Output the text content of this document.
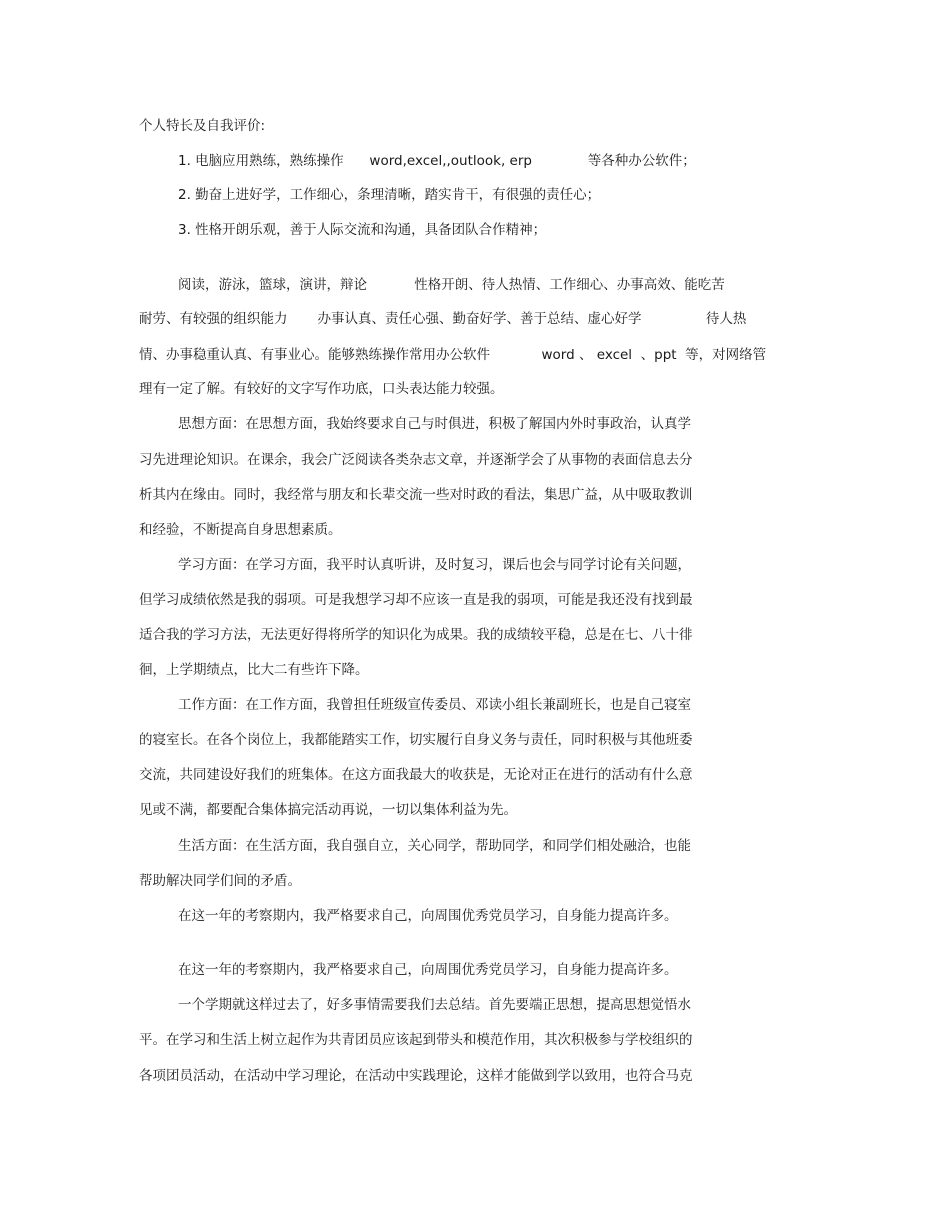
个人特长及自我评价:
1. 电脑应用熟练，熟练操作      word,excel,,outlook, erp             等各种办公软件；
2. 勤奋上进好学，工作细心，条理清晰，踏实肯干，有很强的责任心；
3. 性格开朗乐观，善于人际交流和沟通，具备团队合作精神；
阅读，游泳，篮球，演讲，辩论           性格开朗、待人热情、工作细心、办事高效、能吃苦
耐劳、有较强的组织能力       办事认真、责任心强、勤奋好学、善于总结、虚心好学               待人热
情、办事稳重认真、有事业心。能够熟练操作常用办公软件            word 、 excel  、ppt  等，对网络管
理有一定了解。有较好的文字写作功底，口头表达能力较强。
思想方面：在思想方面，我始终要求自己与时俱进，积极了解国内外时事政治，认真学
习先进理论知识。在课余，我会广泛阅读各类杂志文章，并逐渐学会了从事物的表面信息去分
析其内在缘由。同时，我经常与朋友和长辈交流一些对时政的看法，集思广益，从中吸取教训
和经验，不断提高自身思想素质。
学习方面：在学习方面，我平时认真听讲，及时复习，课后也会与同学讨论有关问题，
但学习成绩依然是我的弱项。可是我想学习却不应该一直是我的弱项，可能是我还没有找到最
适合我的学习方法，无法更好得将所学的知识化为成果。我的成绩较平稳，总是在七、八十徘
徊，上学期绩点，比大二有些许下降。
工作方面：在工作方面，我曾担任班级宣传委员、邓读小组长兼副班长，也是自己寝室
的寝室长。在各个岗位上，我都能踏实工作，切实履行自身义务与责任，同时积极与其他班委
交流，共同建设好我们的班集体。在这方面我最大的收获是，无论对正在进行的活动有什么意
见或不满，都要配合集体搞完活动再说，一切以集体利益为先。
生活方面：在生活方面，我自强自立，关心同学，帮助同学，和同学们相处融洽，也能
帮助解决同学们间的矛盾。
在这一年的考察期内，我严格要求自己，向周围优秀党员学习，自身能力提高许多。
在这一年的考察期内，我严格要求自己，向周围优秀党员学习，自身能力提高许多。
一个学期就这样过去了，好多事情需要我们去总结。首先要端正思想，提高思想觉悟水
平。在学习和生活上树立起作为共青团员应该起到带头和模范作用，其次积极参与学校组织的
各项团员活动，在活动中学习理论，在活动中实践理论，这样才能做到学以致用，也符合马克
